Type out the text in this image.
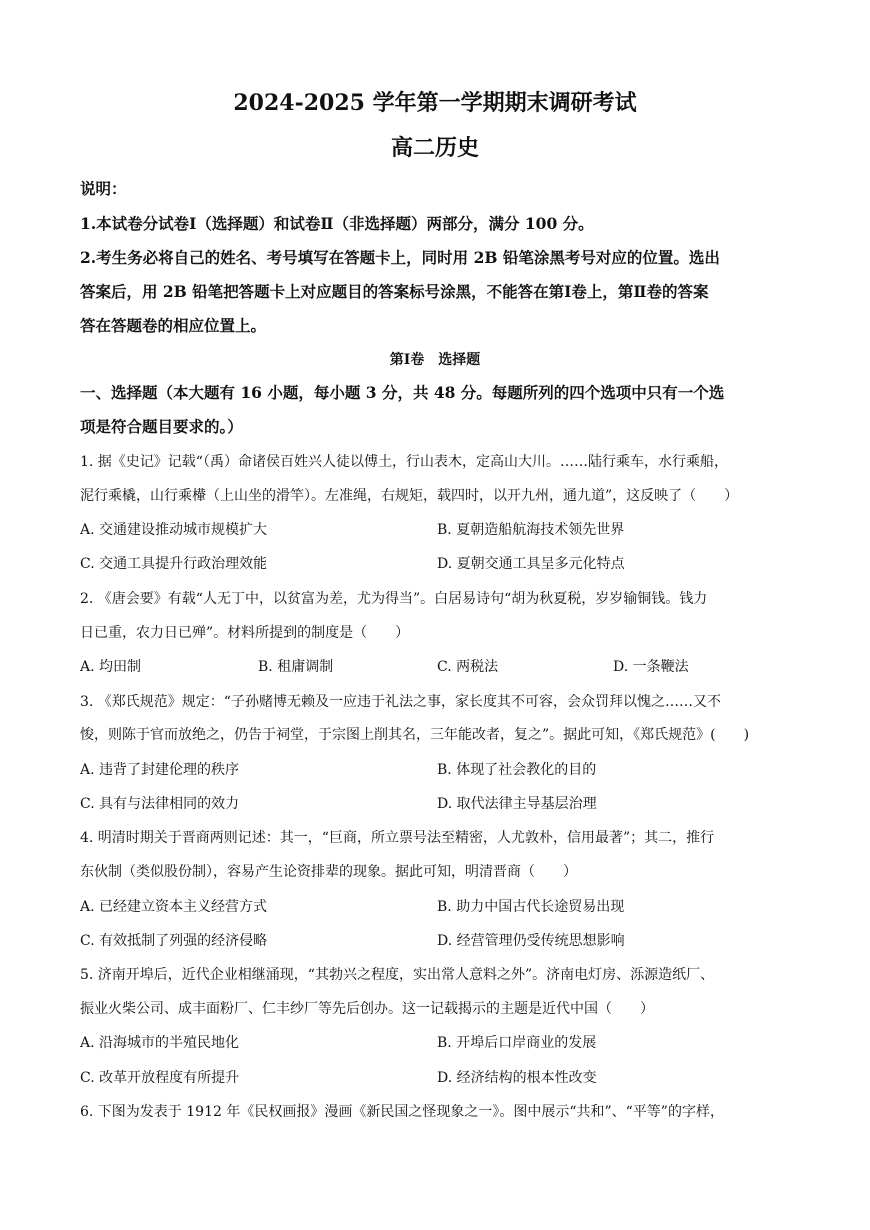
2024-2025 学年第一学期期末调研考试
高二历史
说明：
1.本试卷分试卷Ⅰ（选择题）和试卷Ⅱ（非选择题）两部分，满分 100 分。
2.考生务必将自己的姓名、考号填写在答题卡上，同时用 2B 铅笔涂黑考号对应的位置。选出
答案后，用 2B 铅笔把答题卡上对应题目的答案标号涂黑，不能答在第Ⅰ卷上，第Ⅱ卷的答案
答在答题卷的相应位置上。
第Ⅰ卷　选择题
一、选择题（本大题有 16 小题，每小题 3 分，共 48 分。每题所列的四个选项中只有一个选
项是符合题目要求的。）
1. 据《史记》记载“（禹）命诸侯百姓兴人徒以傅土，行山表木，定高山大川。……陆行乘车，水行乘船，
泥行乘橇，山行乘檋（上山坐的滑竿）。左准绳，右规矩，载四时，以开九州，通九道”，这反映了（　　）
A. 交通建设推动城市规模扩大	B. 夏朝造船航海技术领先世界
C. 交通工具提升行政治理效能	D. 夏朝交通工具呈多元化特点
2. 《唐会要》有载“人无丁中，以贫富为差，尤为得当”。白居易诗句“胡为秋夏税，岁岁输铜钱。钱力
日已重，农力日已殚”。材料所提到的制度是（　　）
A. 均田制	B. 租庸调制	C. 两税法	D. 一条鞭法
3. 《郑氏规范》规定：“子孙赌博无赖及一应违于礼法之事，家长度其不可容，会众罚拜以愧之……又不
悛，则陈于官而放绝之，仍告于祠堂，于宗图上削其名，三年能改者，复之”。据此可知，《郑氏规范》(　　)
A. 违背了封建伦理的秩序	B. 体现了社会教化的目的
C. 具有与法律相同的效力	D. 取代法律主导基层治理
4. 明清时期关于晋商两则记述：其一，“巨商，所立票号法至精密，人尤敦朴，信用最著”；其二，推行
东伙制（类似股份制），容易产生论资排辈的现象。据此可知，明清晋商（　　）
A. 已经建立资本主义经营方式	B. 助力中国古代长途贸易出现
C. 有效抵制了列强的经济侵略	D. 经营管理仍受传统思想影响
5. 济南开埠后，近代企业相继涌现，“其勃兴之程度，实出常人意料之外”。济南电灯房、泺源造纸厂、
振业火柴公司、成丰面粉厂、仁丰纱厂等先后创办。这一记载揭示的主题是近代中国（　　）
A. 沿海城市的半殖民地化	B. 开埠后口岸商业的发展
C. 改革开放程度有所提升	D. 经济结构的根本性改变
6. 下图为发表于 1912 年《民权画报》漫画《新民国之怪现象之一》。图中展示“共和”、“平等”的字样，
